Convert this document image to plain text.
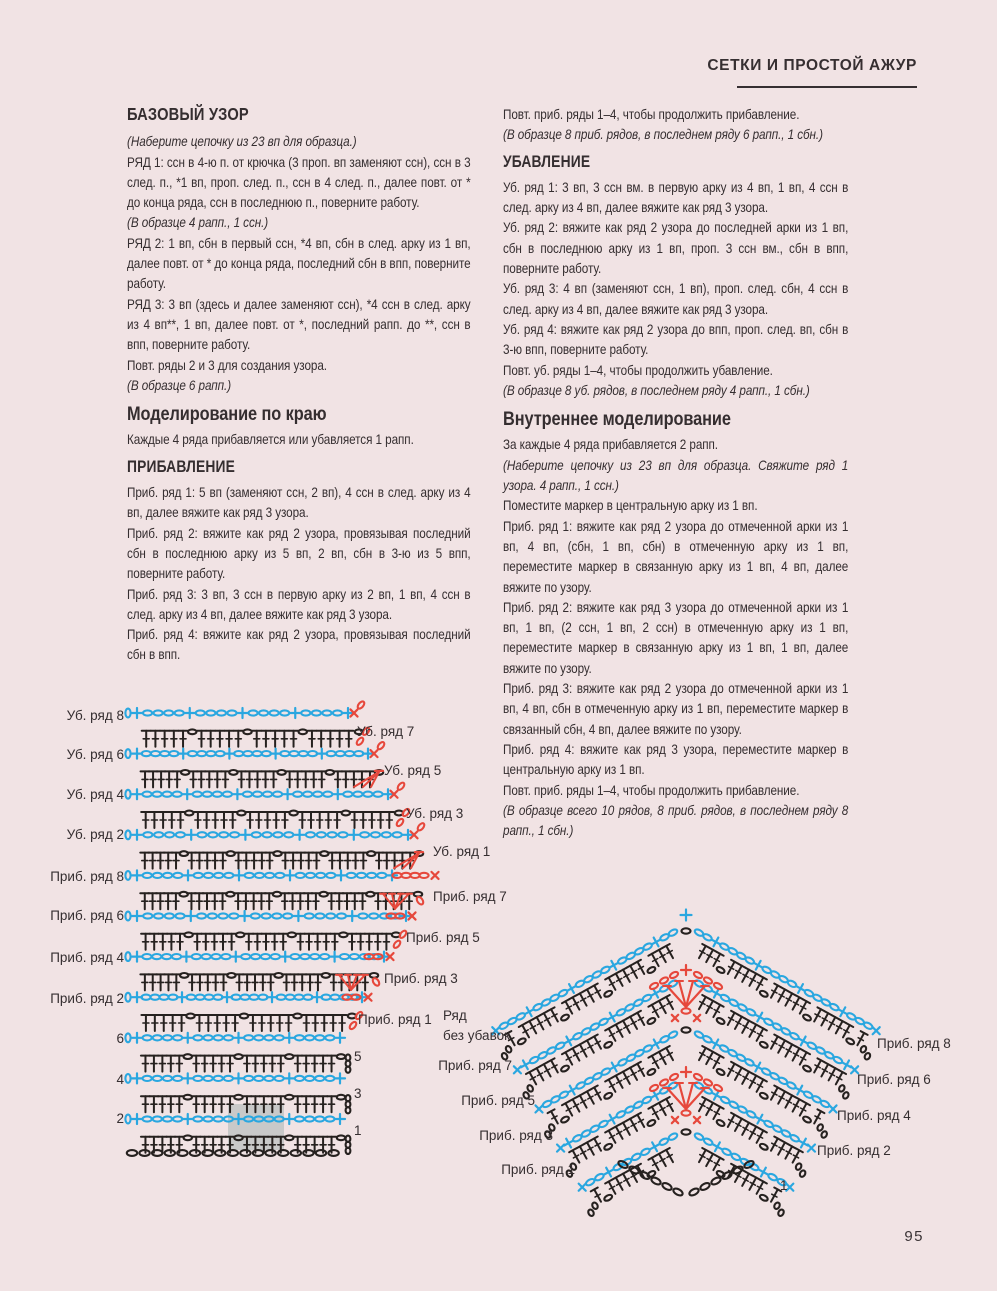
СЕТКИ И ПРОСТОЙ АЖУР
БАЗОВЫЙ УЗОР
(Наберите цепочку из 23 вп для образца.)
РЯД 1: ссн в 4-ю п. от крючка (3 проп. вп заменяют ссн), ссн в 3 след. п., *1 вп, проп. след. п., ссн в 4 след. п., далее повт. от * до конца ряда, ссн в последнюю п., поверните работу.
(В образце 4 рапп., 1 ссн.)
РЯД 2: 1 вп, сбн в первый ссн, *4 вп, сбн в след. арку из 1 вп, далее повт. от * до конца ряда, последний сбн в впп, поверните работу.
РЯД 3: 3 вп (здесь и далее заменяют ссн), *4 ссн в след. арку из 4 вп**, 1 вп, далее повт. от *, последний рапп. до **, ссн в впп, поверните работу.
Повт. ряды 2 и 3 для создания узора.
(В образце 6 рапп.)
Моделирование по краю
Каждые 4 ряда прибавляется или убавляется 1 рапп.
ПРИБАВЛЕНИЕ
Приб. ряд 1: 5 вп (заменяют ссн, 2 вп), 4 ссн в след. арку из 4 вп, далее вяжите как ряд 3 узора.
Приб. ряд 2: вяжите как ряд 2 узора, провязывая последний сбн в последнюю арку из 5 вп, 2 вп, сбн в 3-ю из 5 впп, поверните работу.
Приб. ряд 3: 3 вп, 3 ссн в первую арку из 2 вп, 1 вп, 4 ссн в след. арку из 4 вп, далее вяжите как ряд 3 узора.
Приб. ряд 4: вяжите как ряд 2 узора, провязывая последний сбн в впп.
Повт. приб. ряды 1–4, чтобы продолжить прибавление.
(В образце 8 приб. рядов, в последнем ряду 6 рапп., 1 сбн.)
УБАВЛЕНИЕ
Уб. ряд 1: 3 вп, 3 ссн вм. в первую арку из 4 вп, 1 вп, 4 ссн в след. арку из 4 вп, далее вяжите как ряд 3 узора.
Уб. ряд 2: вяжите как ряд 2 узора до последней арки из 1 вп, сбн в последнюю арку из 1 вп, проп. 3 ссн вм., сбн в впп, поверните работу.
Уб. ряд 3: 4 вп (заменяют ссн, 1 вп), проп. след. сбн, 4 ссн в след. арку из 4 вп, далее вяжите как ряд 3 узора.
Уб. ряд 4: вяжите как ряд 2 узора до впп, проп. след. вп, сбн в 3-ю впп, поверните работу.
Повт. уб. ряды 1–4, чтобы продолжить убавление.
(В образце 8 уб. рядов, в последнем ряду 4 рапп., 1 сбн.)
Внутреннее моделирование
За каждые 4 ряда прибавляется 2 рапп.
(Наберите цепочку из 23 вп для образца. Свяжите ряд 1 узора. 4 рапп., 1 ссн.)
Поместите маркер в центральную арку из 1 вп.
Приб. ряд 1: вяжите как ряд 2 узора до отмеченной арки из 1 вп, 4 вп, (сбн, 1 вп, сбн) в отмеченную арку из 1 вп, переместите маркер в связанную арку из 1 вп, 4 вп, далее вяжите по узору.
Приб. ряд 2: вяжите как ряд 3 узора до отмеченной арки из 1 вп, 1 вп, (2 ссн, 1 вп, 2 ссн) в отмеченную арку из 1 вп, переместите маркер в связанную арку из 1 вп, 1 вп, далее вяжите по узору.
Приб. ряд 3: вяжите как ряд 2 узора до отмеченной арки из 1 вп, 4 вп, сбн в отмеченную арку из 1 вп, переместите маркер в связанный сбн, 4 вп, далее вяжите по узору.
Приб. ряд 4: вяжите как ряд 3 узора, переместите маркер в центральную арку из 1 вп.
Повт. приб. ряды 1–4, чтобы продолжить прибавление.
(В образце всего 10 рядов, 8 приб. рядов, в последнем ряду 8 рапп., 1 сбн.)
Уб. ряд 8
Уб. ряд 6
Уб. ряд 4
Уб. ряд 2
Приб. ряд 8
Приб. ряд 6
Приб. ряд 4
Приб. ряд 2
6
4
2
Уб. ряд 7
Уб. ряд 5
Уб. ряд 3
Уб. ряд 1
Приб. ряд 7
Приб. ряд 5
Приб. ряд 3
Приб. ряд 1
5
3
1
Ряд
без убавок
Приб. ряд 7
Приб. ряд 5
Приб. ряд 3
Приб. ряд 1
Приб. ряд 8
Приб. ряд 6
Приб. ряд 4
Приб. ряд 2
1
95
